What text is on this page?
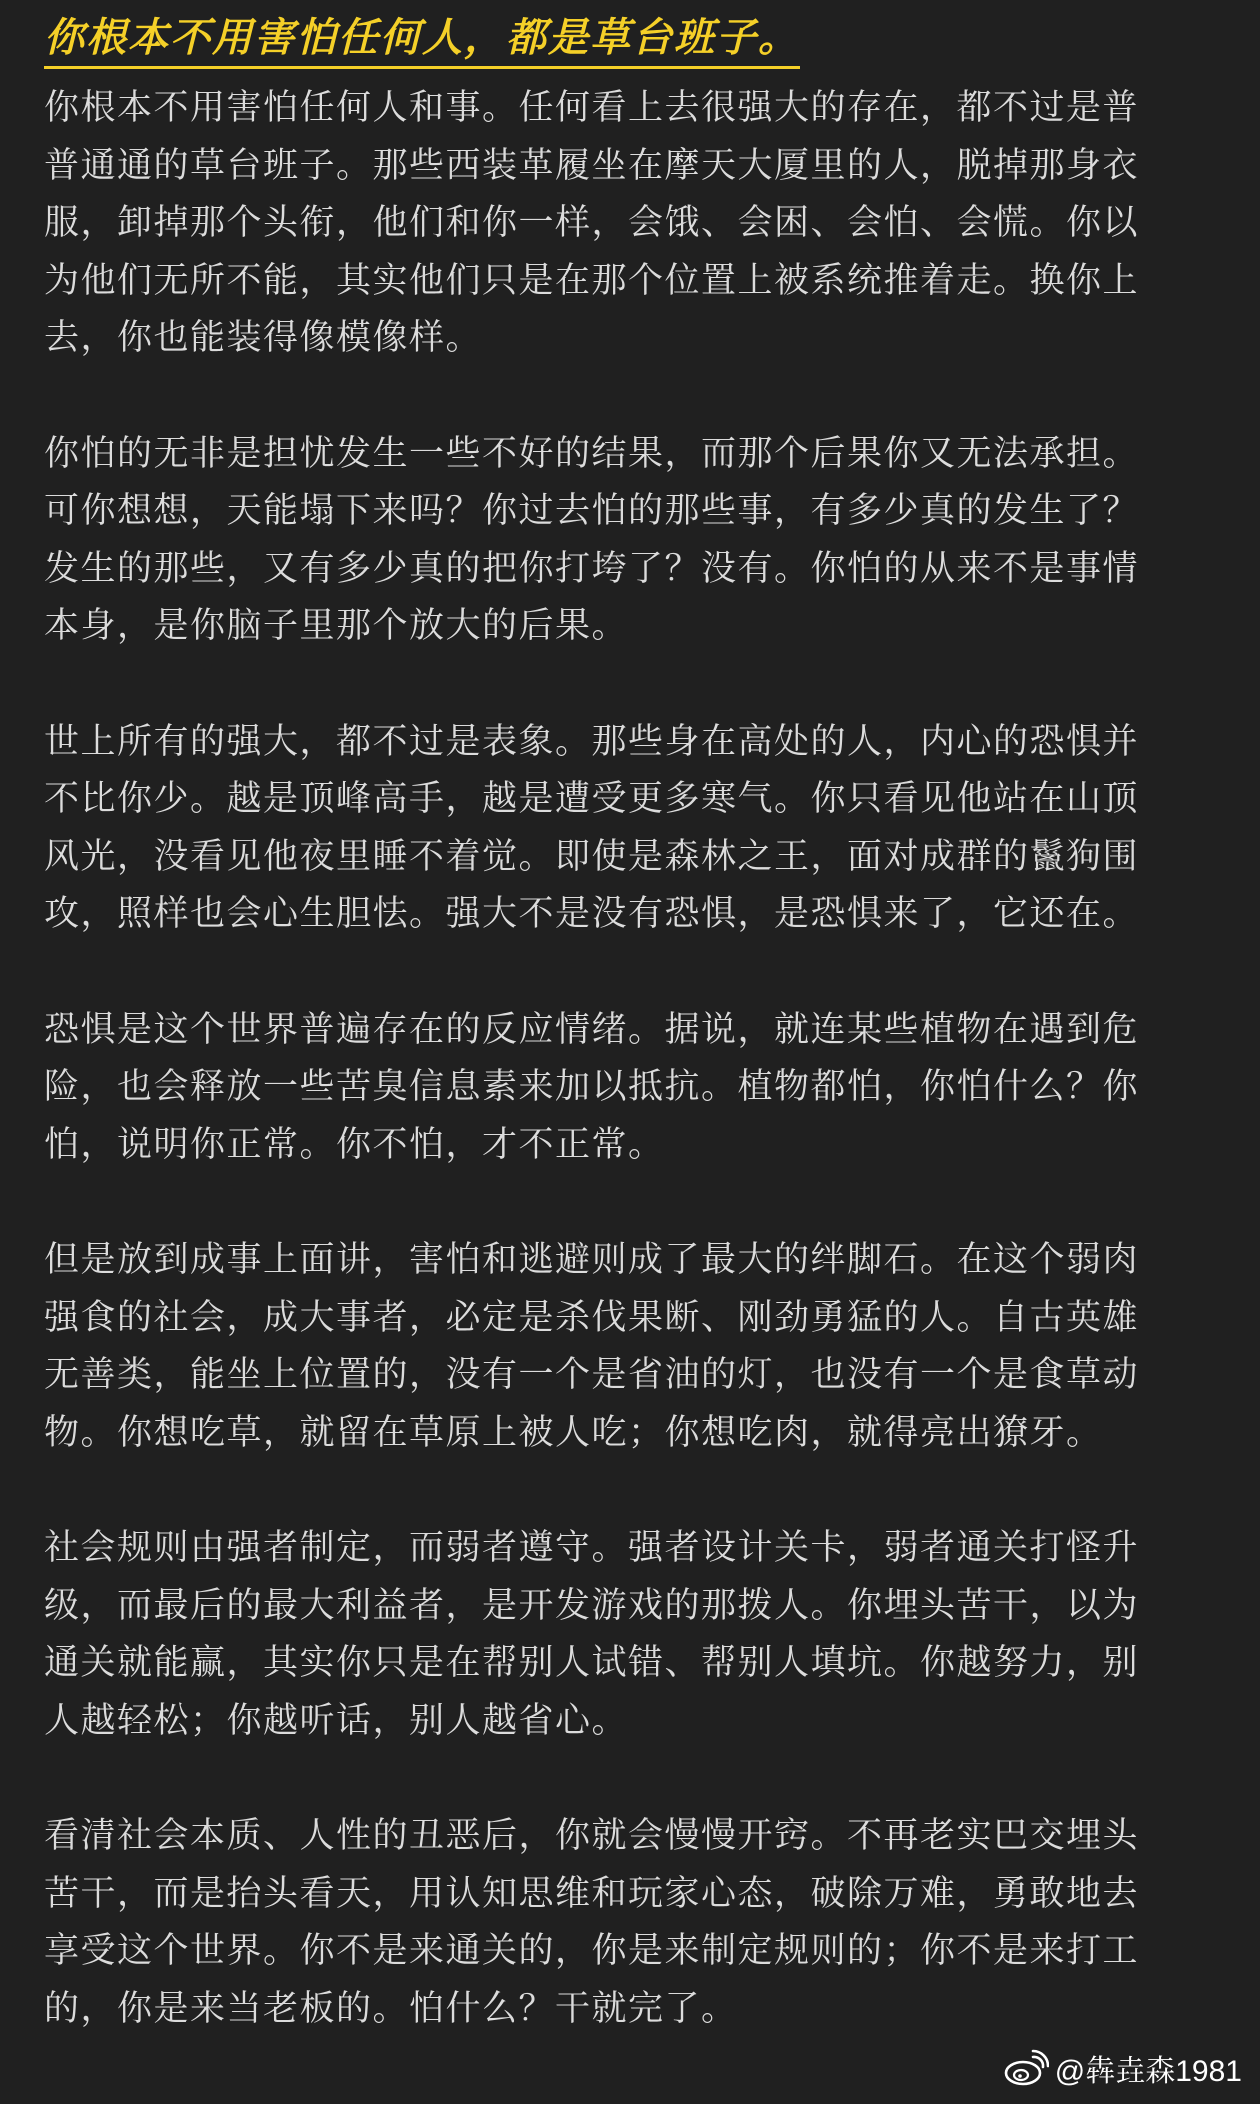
你根本不用害怕任何人，都是草台班子。

你根本不用害怕任何人和事。任何看上去很强大的存在，都不过是普
普通通的草台班子。那些西装革履坐在摩天大厦里的人，脱掉那身衣
服，卸掉那个头衔，他们和你一样，会饿、会困、会怕、会慌。你以
为他们无所不能，其实他们只是在那个位置上被系统推着走。换你上
去，你也能装得像模像样。

你怕的无非是担忧发生一些不好的结果，而那个后果你又无法承担。
可你想想，天能塌下来吗？你过去怕的那些事，有多少真的发生了？
发生的那些，又有多少真的把你打垮了？没有。你怕的从来不是事情
本身，是你脑子里那个放大的后果。

世上所有的强大，都不过是表象。那些身在高处的人，内心的恐惧并
不比你少。越是顶峰高手，越是遭受更多寒气。你只看见他站在山顶
风光，没看见他夜里睡不着觉。即使是森林之王，面对成群的鬣狗围
攻，照样也会心生胆怯。强大不是没有恐惧，是恐惧来了，它还在。

恐惧是这个世界普遍存在的反应情绪。据说，就连某些植物在遇到危
险，也会释放一些苦臭信息素来加以抵抗。植物都怕，你怕什么？你
怕，说明你正常。你不怕，才不正常。

但是放到成事上面讲，害怕和逃避则成了最大的绊脚石。在这个弱肉
强食的社会，成大事者，必定是杀伐果断、刚劲勇猛的人。自古英雄
无善类，能坐上位置的，没有一个是省油的灯，也没有一个是食草动
物。你想吃草，就留在草原上被人吃；你想吃肉，就得亮出獠牙。

社会规则由强者制定，而弱者遵守。强者设计关卡，弱者通关打怪升
级，而最后的最大利益者，是开发游戏的那拨人。你埋头苦干，以为
通关就能赢，其实你只是在帮别人试错、帮别人填坑。你越努力，别
人越轻松；你越听话，别人越省心。

看清社会本质、人性的丑恶后，你就会慢慢开窍。不再老实巴交埋头
苦干，而是抬头看天，用认知思维和玩家心态，破除万难，勇敢地去
享受这个世界。你不是来通关的，你是来制定规则的；你不是来打工
的，你是来当老板的。怕什么？干就完了。

@犇垚森1981
